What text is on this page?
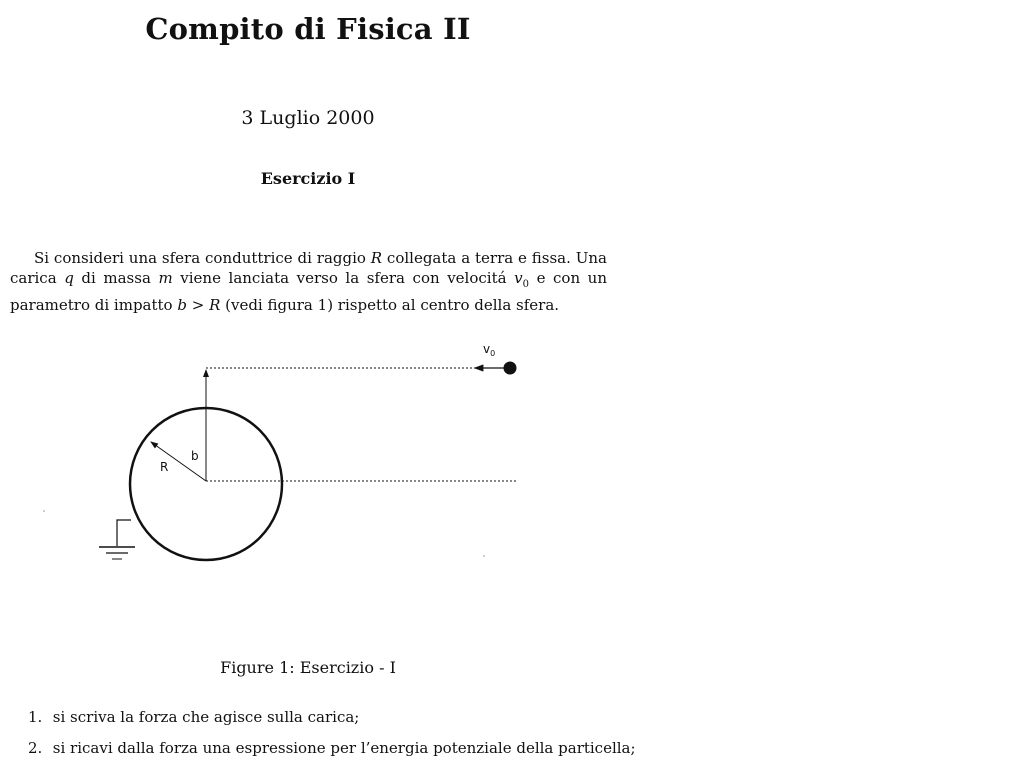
Compito di Fisica II
3 Luglio 2000
Esercizio I
Si consideri una sfera conduttrice di raggio R collegata a terra e fissa. Una carica q di massa m viene lanciata verso la sfera con velocitá $v_0$ e con un parametro di impatto b > R (vedi figura 1) rispetto al centro della sfera.
R
b
$v_0$
Figure 1: Esercizio - I
1. si scriva la forza che agisce sulla carica;
2. si ricavi dalla forza una espressione per l’energia potenziale della particella;
